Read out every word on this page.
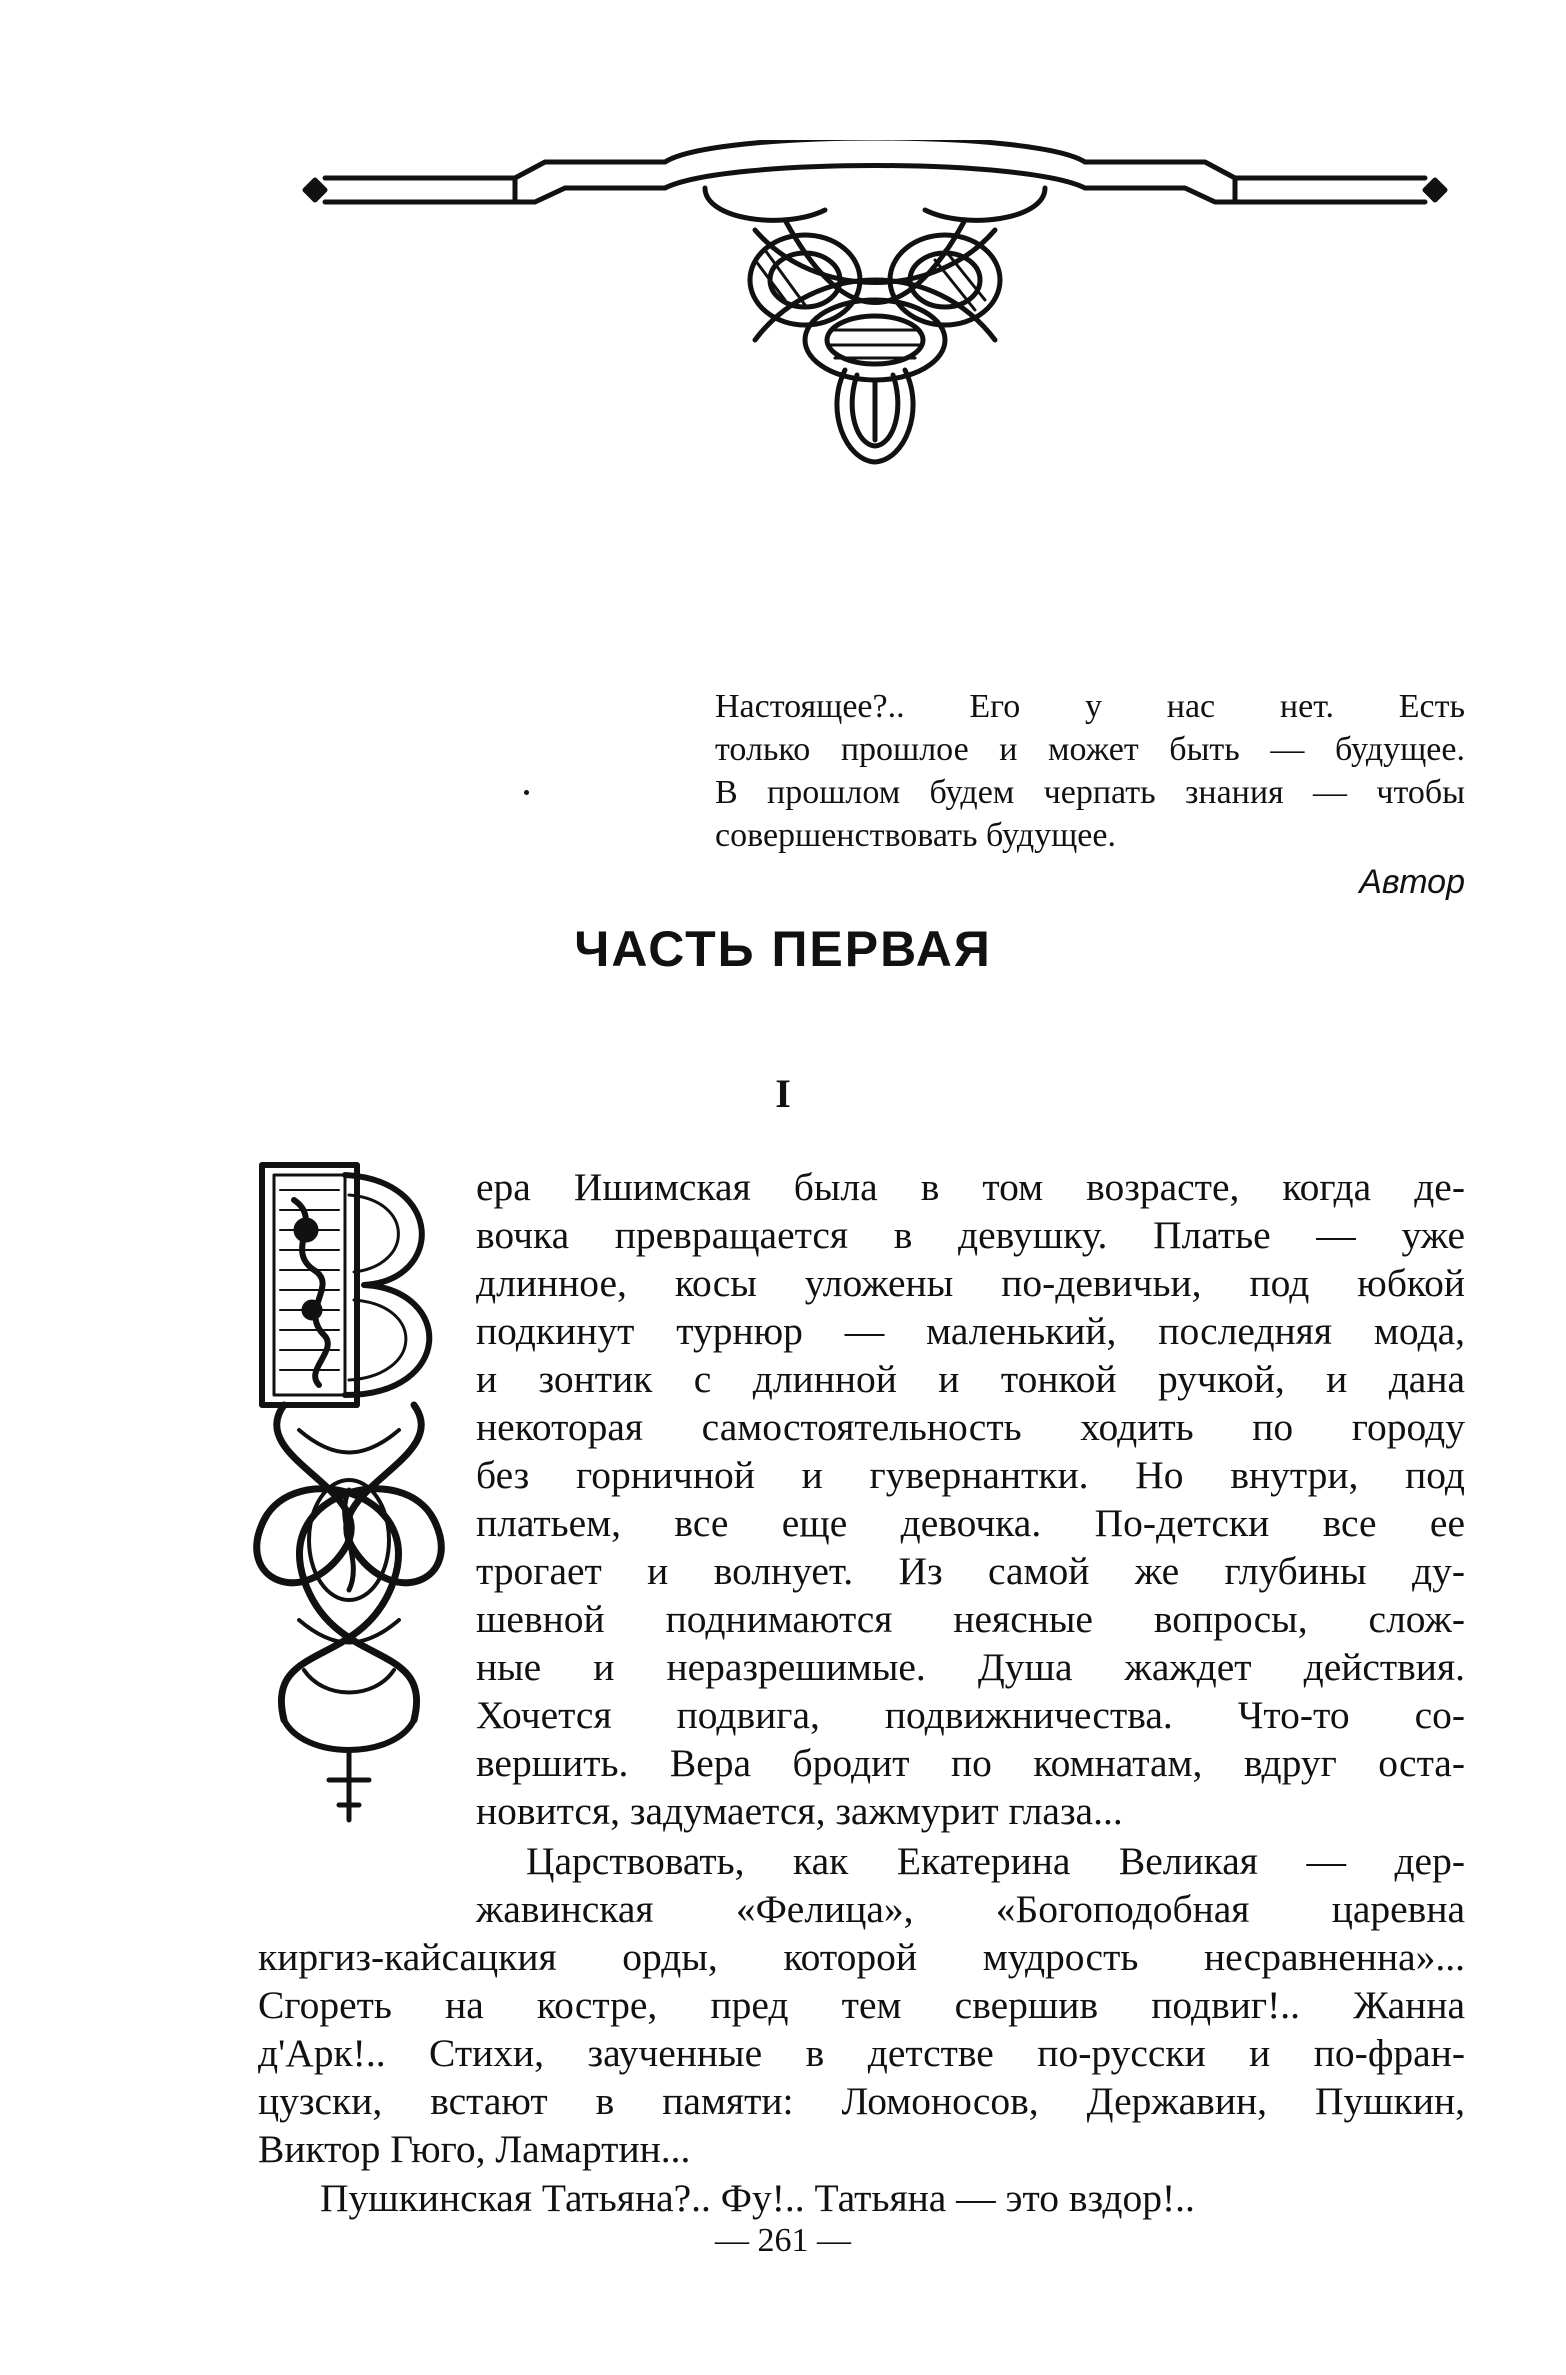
Настоящее?.. Его у нас нет. Есть
только прошлое и может быть — будущее.
В прошлом будем черпать знания — чтобы
совершенствовать будущее.
Автор
ЧАСТЬ ПЕРВАЯ
I
ера Ишимская была в том возрасте, когда де-
вочка превращается в девушку. Платье — уже
длинное, косы уложены по-девичьи, под юбкой
подкинут турнюр — маленький, последняя мода,
и зонтик с длинной и тонкой ручкой, и дана
некоторая самостоятельность ходить по городу
без горничной и гувернантки. Но внутри, под
платьем, все еще девочка. По-детски все ее
трогает и волнует. Из самой же глубины ду-
шевной поднимаются неясные вопросы, слож-
ные и неразрешимые. Душа жаждет действия.
Хочется подвига, подвижничества. Что-то со-
вершить. Вера бродит по комнатам, вдруг оста-
новится, задумается, зажмурит глаза...
Царствовать, как Екатерина Великая — дер-
жавинская «Фелица», «Богоподобная царевна
киргиз-кайсацкия орды, которой мудрость несравненна»...
Сгореть на костре, пред тем свершив подвиг!.. Жанна
д'Арк!.. Стихи, заученные в детстве по-русски и по-фран-
цузски, встают в памяти: Ломоносов, Державин, Пушкин,
Виктор Гюго, Ламартин...
Пушкинская Татьяна?.. Фу!.. Татьяна — это вздор!..
— 261 —
